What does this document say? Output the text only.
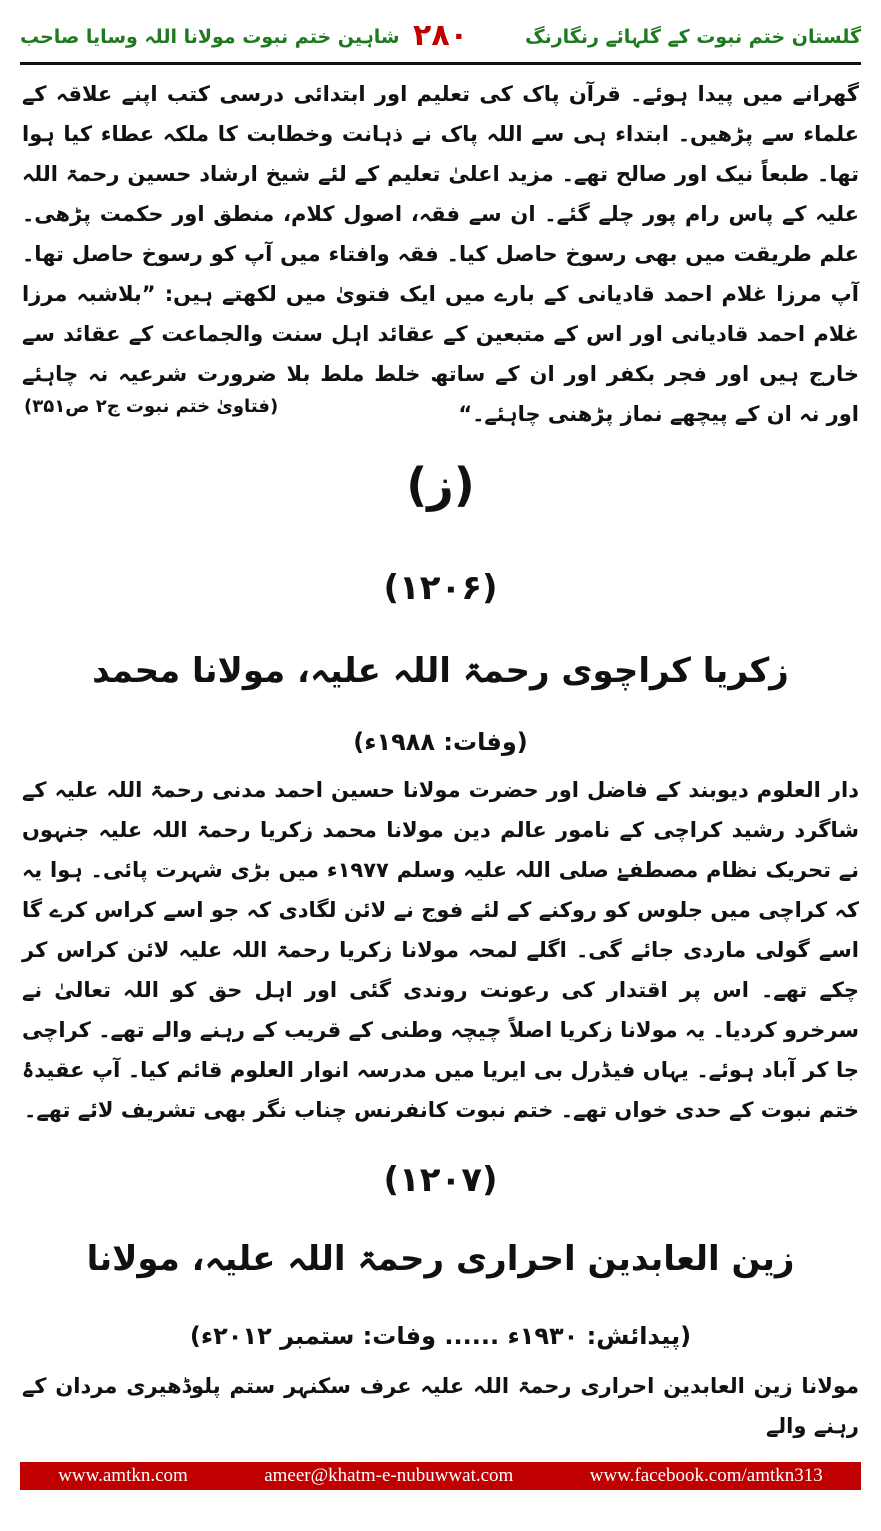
شاہین ختم نبوت مولانا اللہ وسایا صاحب ۲۸۰	گلستان ختم نبوت کے گلہائے رنگارنگ
گھرانے میں پیدا ہوئے۔ قرآن پاک کی تعلیم اور ابتدائی درسی کتب اپنے علاقہ کے علماء سے پڑھیں۔ ابتداء ہی سے اللہ پاک نے ذہانت وخطابت کا ملکہ عطاء کیا ہوا تھا۔ طبعاً نیک اور صالح تھے۔ مزید اعلیٰ تعلیم کے لئے شیخ ارشاد حسین رحمۃ اللہ علیہ کے پاس رام پور چلے گئے۔ ان سے فقہ، اصول کلام، منطق اور حکمت پڑھی۔ علم طریقت میں بھی رسوخ حاصل کیا۔ فقہ وافتاء میں آپ کو رسوخ حاصل تھا۔ آپ مرزا غلام احمد قادیانی کے بارے میں ایک فتویٰ میں لکھتے ہیں: ”بلاشبہ مرزا غلام احمد قادیانی اور اس کے متبعین کے عقائد اہل سنت والجماعت کے عقائد سے خارج ہیں اور فجر بکفر اور ان کے ساتھ خلط ملط بلا ضرورت شرعیہ نہ چاہئے اور نہ ان کے پیچھے نماز پڑھنی چاہئے۔“
(فتاویٰ ختم نبوت ج۲ ص۳۵۱)
(ز)
(۱۲۰۶)
زکریا کراچوی رحمۃ اللہ علیہ، مولانا محمد
(وفات: ۱۹۸۸ء)
دار العلوم دیوبند کے فاضل اور حضرت مولانا حسین احمد مدنی رحمۃ اللہ علیہ کے شاگرد رشید کراچی کے نامور عالم دین مولانا محمد زکریا رحمۃ اللہ علیہ جنہوں نے تحریک نظام مصطفےٰ صلی اللہ علیہ وسلم ۱۹۷۷ء میں بڑی شہرت پائی۔ ہوا یہ کہ کراچی میں جلوس کو روکنے کے لئے فوج نے لائن لگادی کہ جو اسے کراس کرے گا اسے گولی ماردی جائے گی۔ اگلے لمحہ مولانا زکریا رحمۃ اللہ علیہ لائن کراس کر چکے تھے۔ اس پر اقتدار کی رعونت روندی گئی اور اہل حق کو اللہ تعالیٰ نے سرخرو کردیا۔ یہ مولانا زکریا اصلاً چیچہ وطنی کے قریب کے رہنے والے تھے۔ کراچی جا کر آباد ہوئے۔ یہاں فیڈرل بی ایریا میں مدرسہ انوار العلوم قائم کیا۔ آپ عقیدۂ ختم نبوت کے حدی خواں تھے۔ ختم نبوت کانفرنس چناب نگر بھی تشریف لائے تھے۔
(۱۲۰۷)
زین العابدین احراری رحمۃ اللہ علیہ، مولانا
(پیدائش: ۱۹۳۰ء ...... وفات: ستمبر ۲۰۱۲ء)
مولانا زین العابدین احراری رحمۃ اللہ علیہ عرف سکنہر ستم پلوڈھیری مردان کے رہنے والے
www.amtkn.com	ameer@khatm-e-nubuwwat.com	www.facebook.com/amtkn313
